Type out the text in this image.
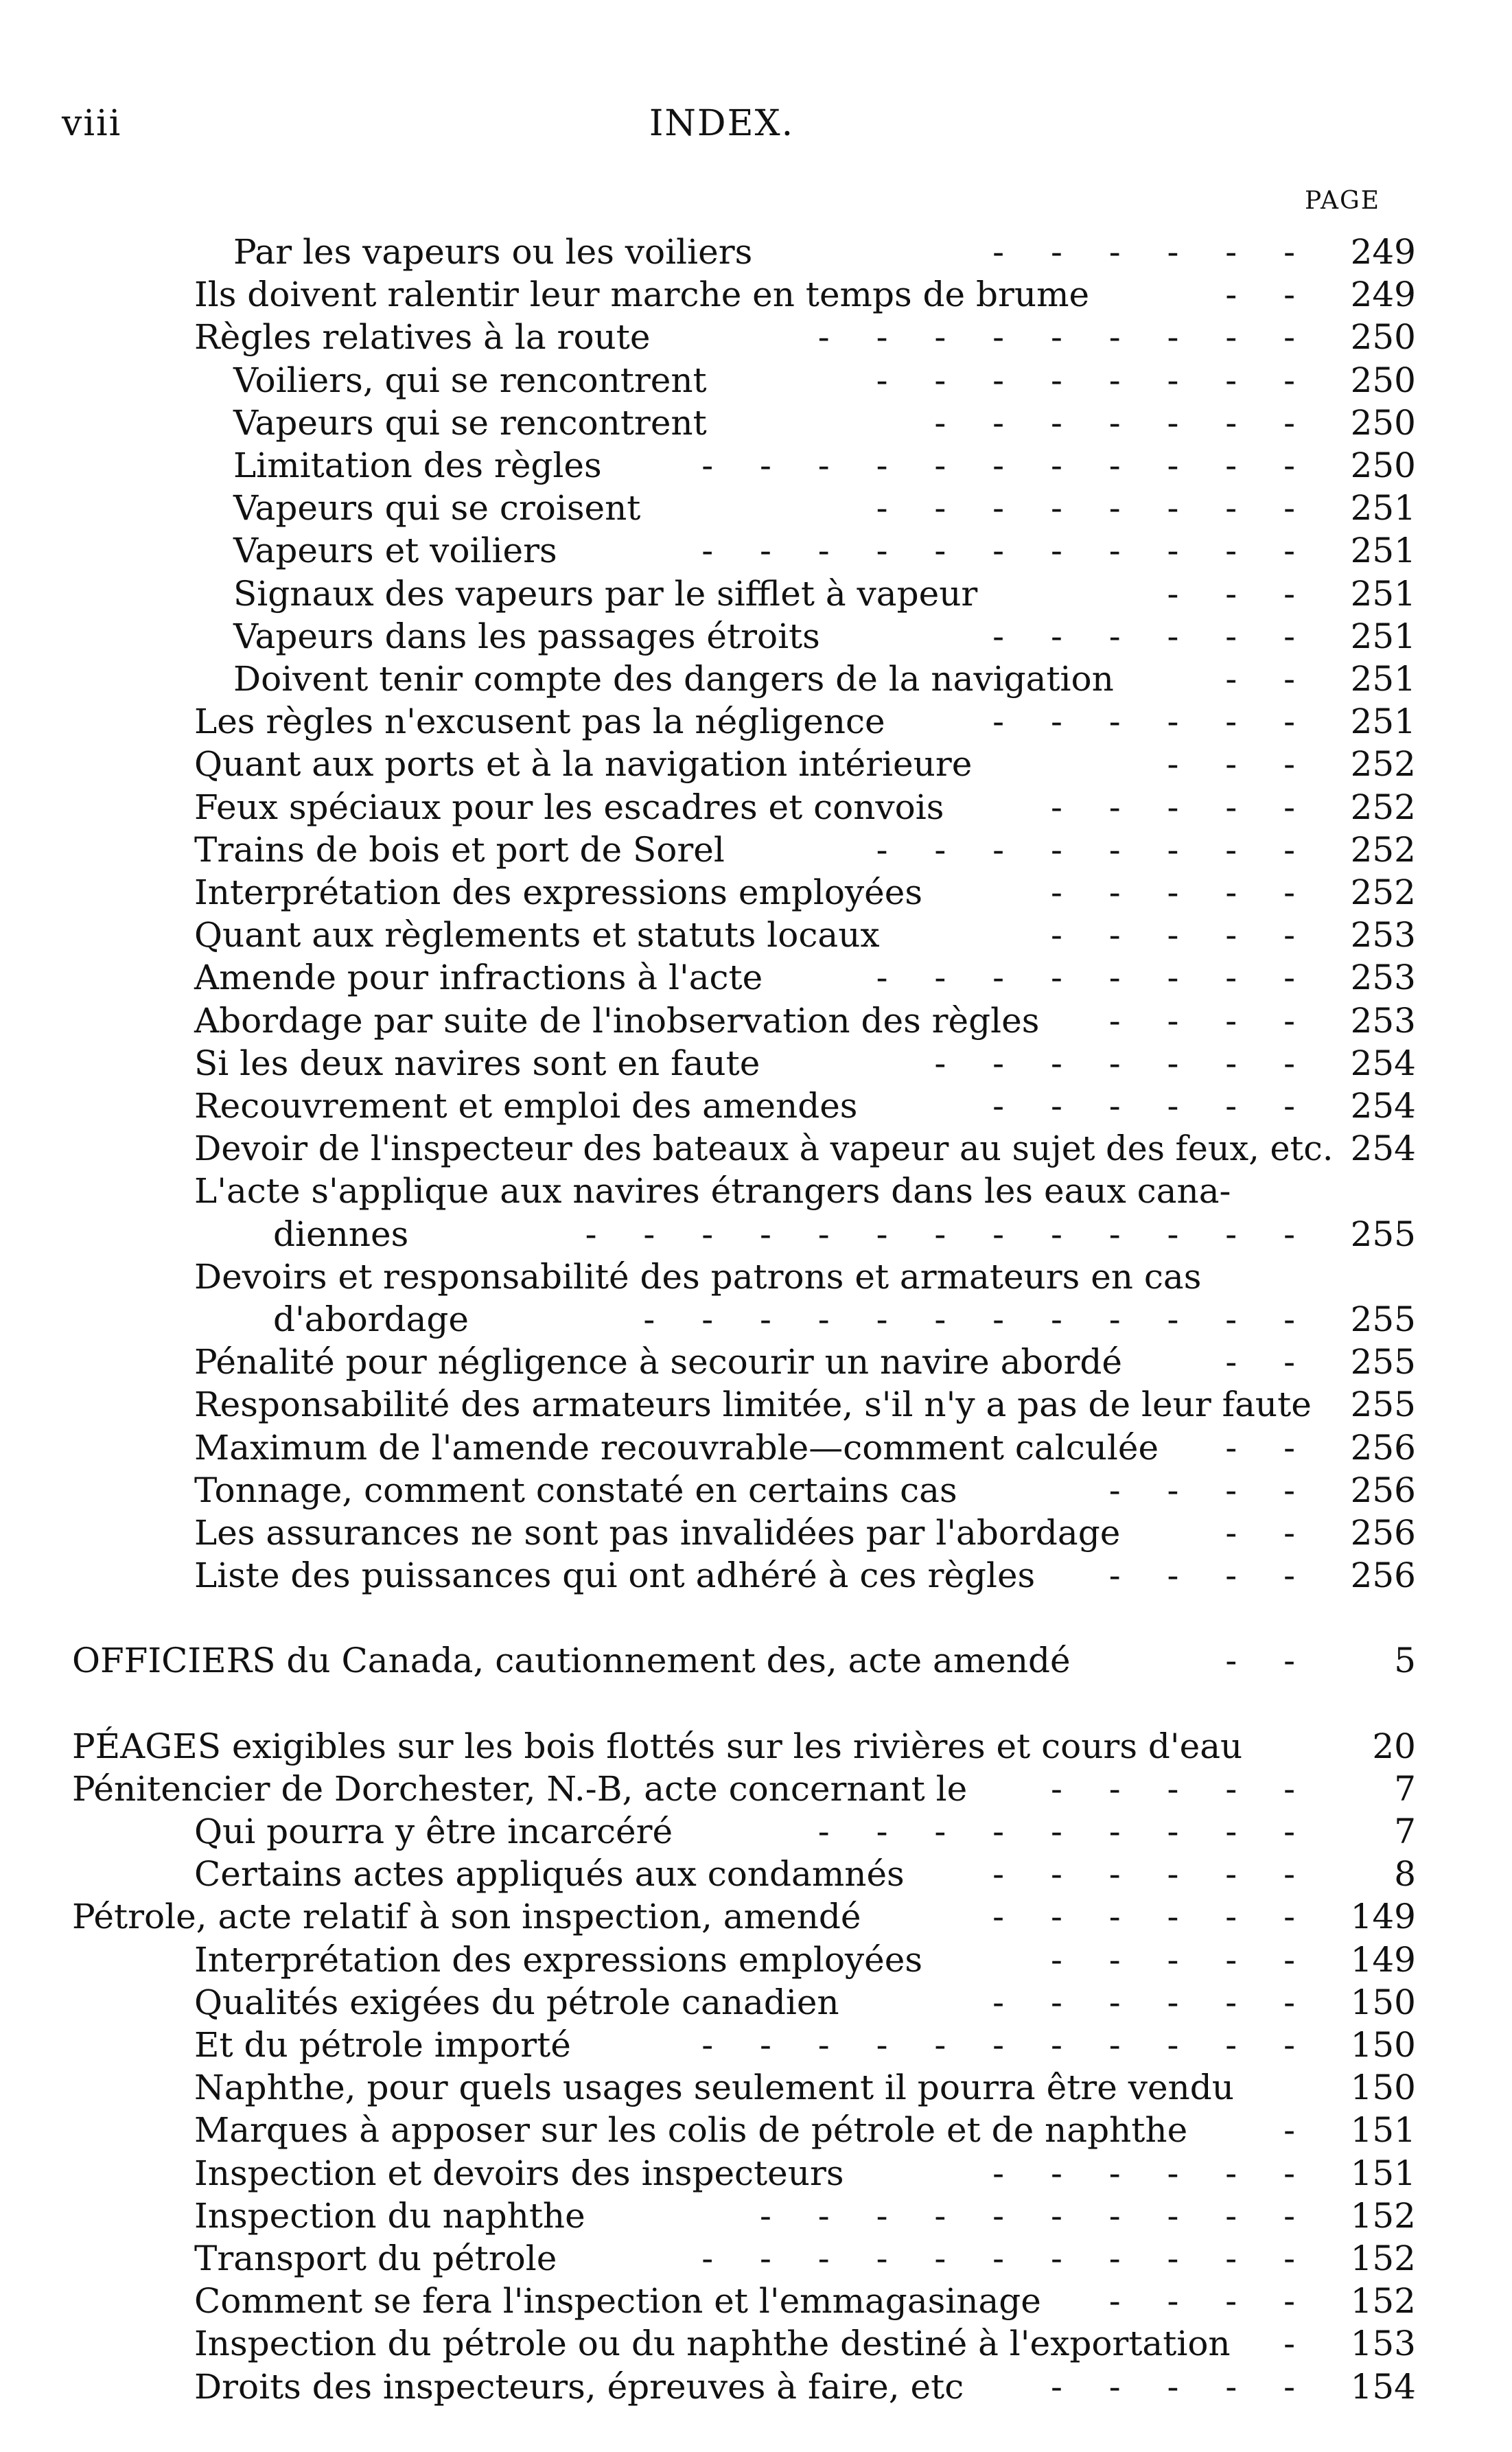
viii	INDEX.
PAGE
Par les vapeurs ou les voiliers	- - - - - - 249
Ils doivent ralentir leur marche en temps de brume	- - 249
Règles relatives à la route	- - - - - - - - - 250
Voiliers, qui se rencontrent	- - - - - - - - 250
Vapeurs qui se rencontrent	- - - - - - - 250
Limitation des règles	- - - - - - - - - - - 250
Vapeurs qui se croisent	- - - - - - - - 251
Vapeurs et voiliers	- - - - - - - - - - - 251
Signaux des vapeurs par le sifflet à vapeur	- - - 251
Vapeurs dans les passages étroits	- - - - - - 251
Doivent tenir compte des dangers de la navigation	- - 251
Les règles n'excusent pas la négligence	- - - - - - 251
Quant aux ports et à la navigation intérieure	- - - 252
Feux spéciaux pour les escadres et convois	- - - - - 252
Trains de bois et port de Sorel	- - - - - - - - 252
Interprétation des expressions employées	- - - - - 252
Quant aux règlements et statuts locaux	- - - - - 253
Amende pour infractions à l'acte	- - - - - - - - 253
Abordage par suite de l'inobservation des règles - - - - 253
Si les deux navires sont en faute	- - - - - - - 254
Recouvrement et emploi des amendes	- - - - - - 254
Devoir de l'inspecteur des bateaux à vapeur au sujet des feux, etc. 254
L'acte s'applique aux navires étrangers dans les eaux cana-
diennes	- - - - - - - - - - - - - 255
Devoirs et responsabilité des patrons et armateurs en cas
d'abordage	- - - - - - - - - - - - 255
Pénalité pour négligence à secourir un navire abordé	- - 255
Responsabilité des armateurs limitée, s'il n'y a pas de leur faute 255
Maximum de l'amende recouvrable—comment calculée - - 256
Tonnage, comment constaté en certains cas	- - - - 256
Les assurances ne sont pas invalidées par l'abordage	- - 256
Liste des puissances qui ont adhéré à ces règles - - - - 256
OFFICIERS du Canada, cautionnement des, acte amendé	- - 5
PÉAGES exigibles sur les bois flottés sur les rivières et cours d'eau	20
Pénitencier de Dorchester, N.-B, acte concernant le - - - - - 7
Qui pourra y être incarcéré	- - - - - - - - - 7
Certains actes appliqués aux condamnés	- - - - - - 8
Pétrole, acte relatif à son inspection, amendé	- - - - - - 149
Interprétation des expressions employées	- - - - - 149
Qualités exigées du pétrole canadien	- - - - - - 150
Et du pétrole importé	- - - - - - - - - - - 150
Naphthe, pour quels usages seulement il pourra être vendu	150
Marques à apposer sur les colis de pétrole et de naphthe	- 151
Inspection et devoirs des inspecteurs	- - - - - - 151
Inspection du naphthe	- - - - - - - - - - 152
Transport du pétrole	- - - - - - - - - - - 152
Comment se fera l'inspection et l'emmagasinage - - - - 152
Inspection du pétrole ou du naphthe destiné à l'exportation - 153
Droits des inspecteurs, épreuves à faire, etc	- - - - - 154
